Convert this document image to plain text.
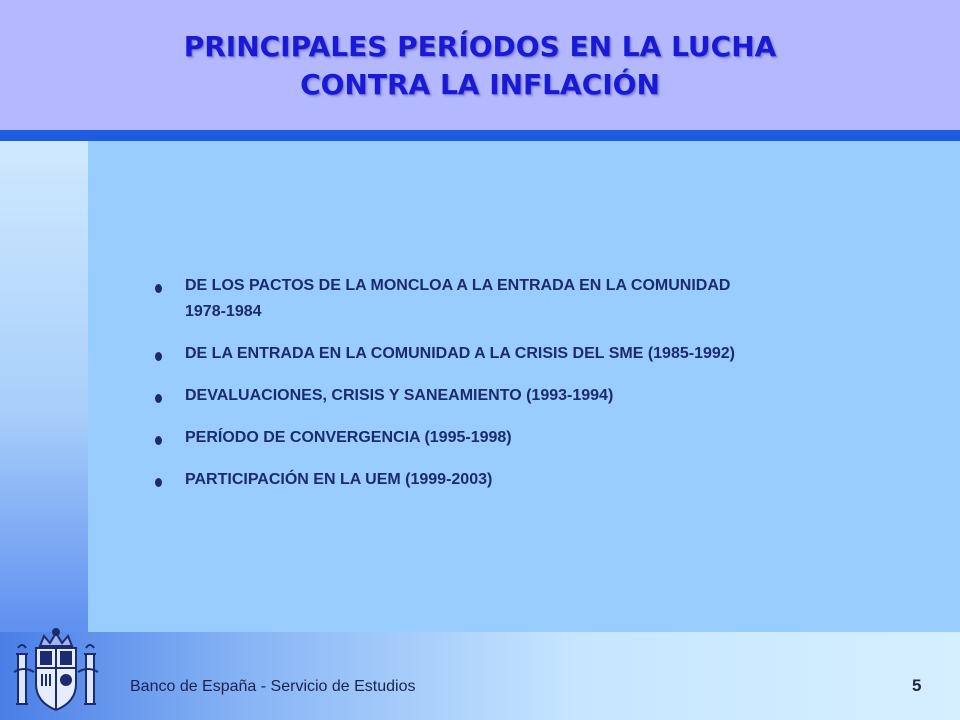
PRINCIPALES PERÍODOS EN LA LUCHA
CONTRA LA INFLACIÓN
DE LOS PACTOS DE LA MONCLOA A LA ENTRADA EN LA COMUNIDAD
1978-1984
DE LA ENTRADA EN LA COMUNIDAD A LA CRISIS DEL SME (1985-1992)
DEVALUACIONES, CRISIS Y SANEAMIENTO (1993-1994)
PERÍODO DE CONVERGENCIA (1995-1998)
PARTICIPACIÓN EN LA UEM (1999-2003)
Banco de España - Servicio de Estudios	5
